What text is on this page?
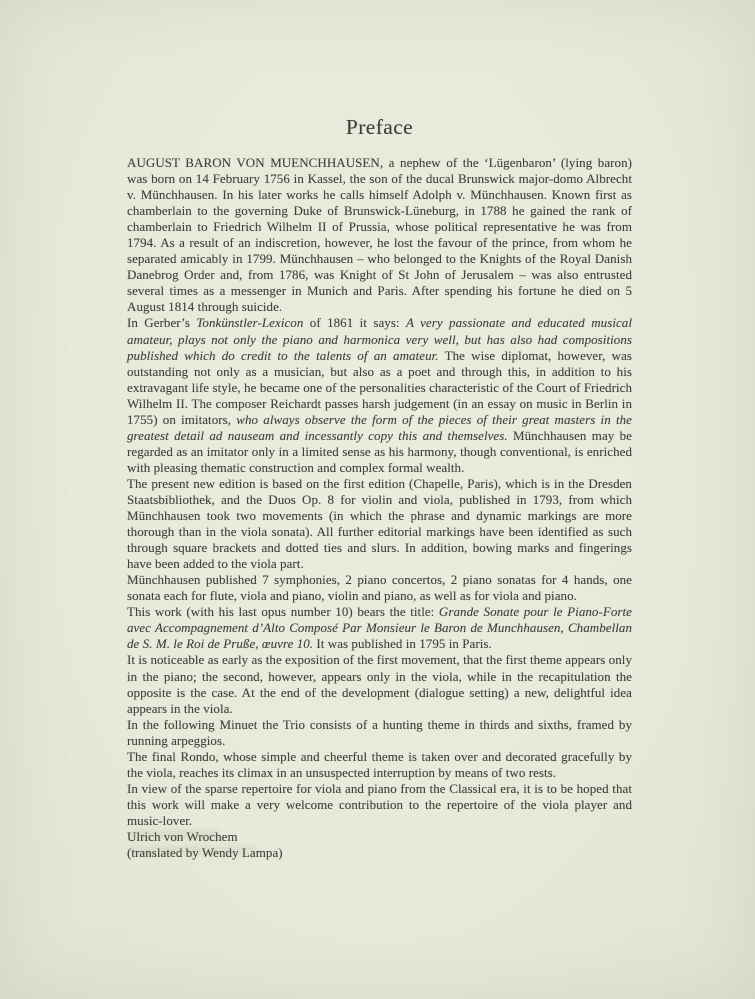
Preface

AUGUST BARON VON MUENCHHAUSEN, a nephew of the ‘Lügenbaron’ (lying baron) was born on 14 February 1756 in Kassel, the son of the ducal Brunswick major-domo Albrecht v. Münchhausen. In his later works he calls himself Adolph v. Münchhausen. Known first as chamberlain to the governing Duke of Brunswick-Lüneburg, in 1788 he gained the rank of chamberlain to Friedrich Wilhelm II of Prussia, whose political representative he was from 1794. As a result of an indiscretion, however, he lost the favour of the prince, from whom he separated amicably in 1799. Münchhausen – who belonged to the Knights of the Royal Danish Danebrog Order and, from 1786, was Knight of St John of Jerusalem – was also entrusted several times as a messenger in Munich and Paris. After spending his fortune he died on 5 August 1814 through suicide.

In Gerber’s Tonkünstler-Lexicon of 1861 it says: A very passionate and educated musical amateur, plays not only the piano and harmonica very well, but has also had compositions published which do credit to the talents of an amateur. The wise diplomat, however, was outstanding not only as a musician, but also as a poet and through this, in addition to his extravagant life style, he became one of the personalities characteristic of the Court of Friedrich Wilhelm II. The composer Reichardt passes harsh judgement (in an essay on music in Berlin in 1755) on imitators, who always observe the form of the pieces of their great masters in the greatest detail ad nauseam and incessantly copy this and themselves. Münchhausen may be regarded as an imitator only in a limited sense as his harmony, though conventional, is enriched with pleasing thematic construction and complex formal wealth.

The present new edition is based on the first edition (Chapelle, Paris), which is in the Dresden Staatsbibliothek, and the Duos Op. 8 for violin and viola, published in 1793, from which Münchhausen took two movements (in which the phrase and dynamic markings are more thorough than in the viola sonata). All further editorial markings have been identified as such through square brackets and dotted ties and slurs. In addition, bowing marks and fingerings have been added to the viola part.

Münchhausen published 7 symphonies, 2 piano concertos, 2 piano sonatas for 4 hands, one sonata each for flute, viola and piano, violin and piano, as well as for viola and piano.

This work (with his last opus number 10) bears the title: Grande Sonate pour le Piano-Forte avec Accompagnement d’Alto Composé Par Monsieur le Baron de Munchhausen, Chambellan de S. M. le Roi de Pruße, œuvre 10. It was published in 1795 in Paris.

It is noticeable as early as the exposition of the first movement, that the first theme appears only in the piano; the second, however, appears only in the viola, while in the recapitulation the opposite is the case. At the end of the development (dialogue setting) a new, delightful idea appears in the viola.

In the following Minuet the Trio consists of a hunting theme in thirds and sixths, framed by running arpeggios.

The final Rondo, whose simple and cheerful theme is taken over and decorated gracefully by the viola, reaches its climax in an unsuspected interruption by means of two rests.

In view of the sparse repertoire for viola and piano from the Classical era, it is to be hoped that this work will make a very welcome contribution to the repertoire of the viola player and music-lover.

Ulrich von Wrochem
(translated by Wendy Lampa)
